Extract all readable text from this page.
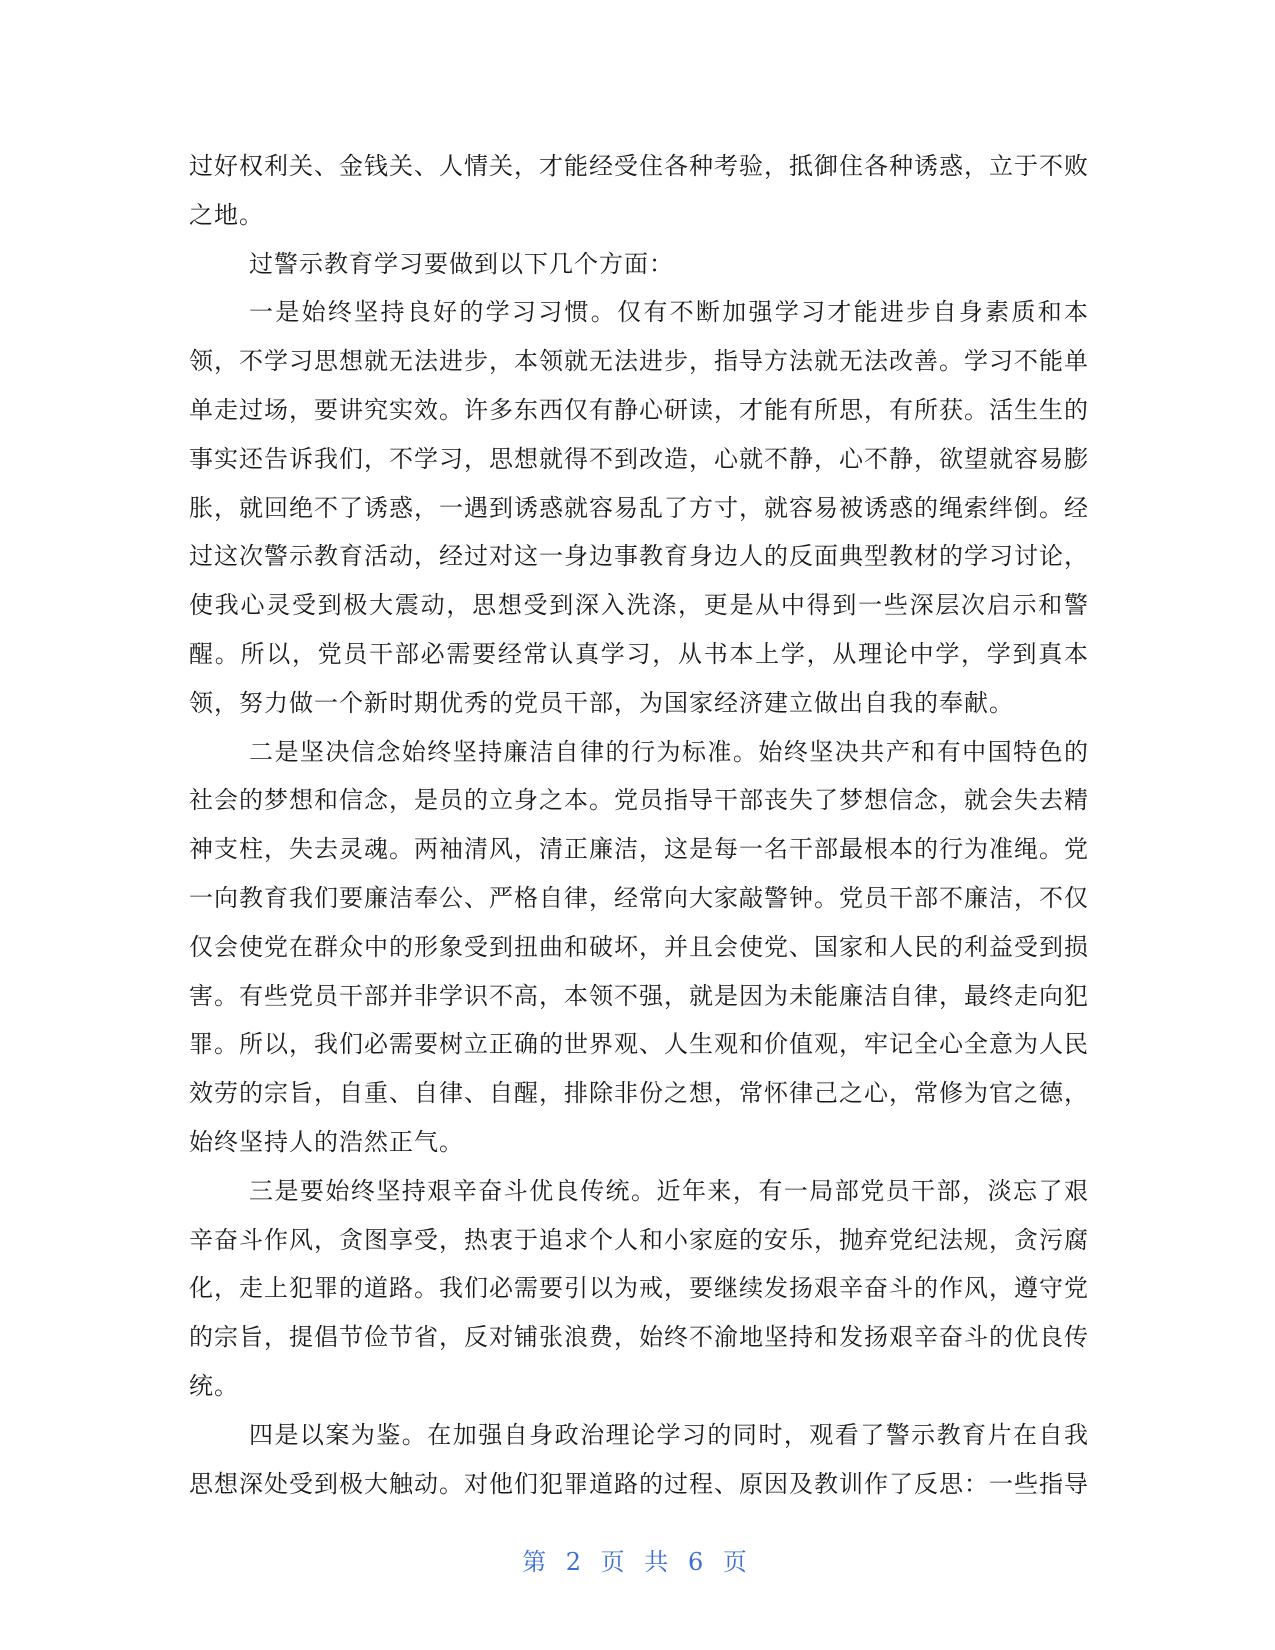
过好权利关、金钱关、人情关，才能经受住各种考验，抵御住各种诱惑，立于不败之地。

过警示教育学习要做到以下几个方面：

一是始终坚持良好的学习习惯。仅有不断加强学习才能进步自身素质和本领，不学习思想就无法进步，本领就无法进步，指导方法就无法改善。学习不能单单走过场，要讲究实效。许多东西仅有静心研读，才能有所思，有所获。活生生的事实还告诉我们，不学习，思想就得不到改造，心就不静，心不静，欲望就容易膨胀，就回绝不了诱惑，一遇到诱惑就容易乱了方寸，就容易被诱惑的绳索绊倒。经过这次警示教育活动，经过对这一身边事教育身边人的反面典型教材的学习讨论，使我心灵受到极大震动，思想受到深入洗涤，更是从中得到一些深层次启示和警醒。所以，党员干部必需要经常认真学习，从书本上学，从理论中学，学到真本领，努力做一个新时期优秀的党员干部，为国家经济建立做出自我的奉献。

二是坚决信念始终坚持廉洁自律的行为标准。始终坚决共产和有中国特色的社会的梦想和信念，是员的立身之本。党员指导干部丧失了梦想信念，就会失去精神支柱，失去灵魂。两袖清风，清正廉洁，这是每一名干部最根本的行为准绳。党一向教育我们要廉洁奉公、严格自律，经常向大家敲警钟。党员干部不廉洁，不仅仅会使党在群众中的形象受到扭曲和破坏，并且会使党、国家和人民的利益受到损害。有些党员干部并非学识不高，本领不强，就是因为未能廉洁自律，最终走向犯罪。所以，我们必需要树立正确的世界观、人生观和价值观，牢记全心全意为人民效劳的宗旨，自重、自律、自醒，排除非份之想，常怀律己之心，常修为官之德，始终坚持人的浩然正气。

三是要始终坚持艰辛奋斗优良传统。近年来，有一局部党员干部，淡忘了艰辛奋斗作风，贪图享受，热衷于追求个人和小家庭的安乐，抛弃党纪法规，贪污腐化，走上犯罪的道路。我们必需要引以为戒，要继续发扬艰辛奋斗的作风，遵守党的宗旨，提倡节俭节省，反对铺张浪费，始终不渝地坚持和发扬艰辛奋斗的优良传统。

四是以案为鉴。在加强自身政治理论学习的同时，观看了警示教育片在自我思想深处受到极大触动。对他们犯罪道路的过程、原因及教训作了反思：一些指导

第 2 页 共 6 页
